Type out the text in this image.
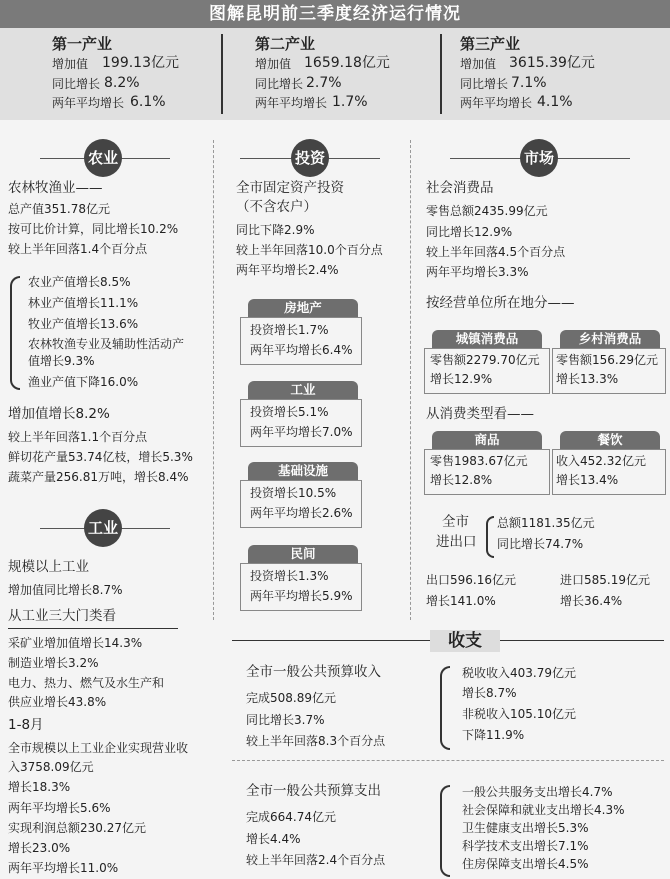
图解昆明前三季度经济运行情况
第一产业
增加值 199.13亿元
同比增长 8.2%
两年平均增长 6.1%
第二产业
增加值 1659.18亿元
同比增长 2.7%
两年平均增长 1.7%
第三产业
增加值 3615.39亿元
同比增长 7.1%
两年平均增长 4.1%
农业
农林牧渔业——
总产值351.78亿元
按可比价计算，同比增长10.2%
较上半年回落1.4个百分点
农业产值增长8.5%
林业产值增长11.1%
牧业产值增长13.6%
农林牧渔专业及辅助性活动产
值增长9.3%
渔业产值下降16.0%
增加值增长8.2%
较上半年回落1.1个百分点
鲜切花产量53.74亿枝，增长5.3%
蔬菜产量256.81万吨，增长8.4%
工业
规模以上工业
增加值同比增长8.7%
从工业三大门类看
采矿业增加值增长14.3%
制造业增长3.2%
电力、热力、燃气及水生产和
供应业增长43.8%
1-8月
全市规模以上工业企业实现营业收
入3758.09亿元
增长18.3%
两年平均增长5.6%
实现利润总额230.27亿元
增长23.0%
两年平均增长11.0%
投资
全市固定资产投资
（不含农户）
同比下降2.9%
较上半年回落10.0个百分点
两年平均增长2.4%
房地产
投资增长1.7%
两年平均增长6.4%
工业
投资增长5.1%
两年平均增长7.0%
基础设施
投资增长10.5%
两年平均增长2.6%
民间
投资增长1.3%
两年平均增长5.9%
市场
社会消费品
零售总额2435.99亿元
同比增长12.9%
较上半年回落4.5个百分点
两年平均增长3.3%
按经营单位所在地分——
城镇消费品
零售额2279.70亿元
增长12.9%
乡村消费品
零售额156.29亿元
增长13.3%
从消费类型看——
商品
零售1983.67亿元
增长12.8%
餐饮
收入452.32亿元
增长13.4%
全市
进出口
总额1181.35亿元
同比增长74.7%
出口596.16亿元
增长141.0%
进口585.19亿元
增长36.4%
收支
全市一般公共预算收入
完成508.89亿元
同比增长3.7%
较上半年回落8.3个百分点
税收收入403.79亿元
增长8.7%
非税收入105.10亿元
下降11.9%
全市一般公共预算支出
完成664.74亿元
增长4.4%
较上半年回落2.4个百分点
一般公共服务支出增长4.7%
社会保障和就业支出增长4.3%
卫生健康支出增长5.3%
科学技术支出增长7.1%
住房保障支出增长4.5%
